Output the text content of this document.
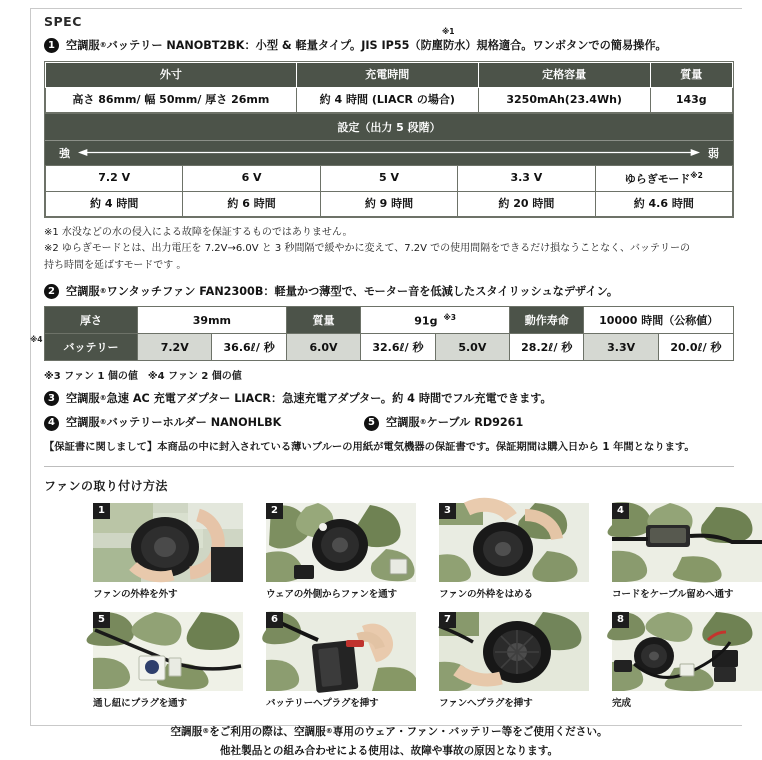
SPEC
1 空調服®バッテリー NANOBT2BK：小型 & 軽量タイプ。JIS IP55（防塵防水）規格適合。ワンボタンでの簡易操作。
※1
外寸	充電時間	定格容量	質量
高さ 86mm/ 幅 50mm/ 厚さ 26mm	約 4 時間 (LIACR の場合)	3250mAh(23.4Wh)	143g
設定（出力 5 段階）
強	弱
7.2 V	6 V	5 V	3.3 V	ゆらぎモード$^{※2}$
約 4 時間	約 6 時間	約 9 時間	約 20 時間	約 4.6 時間
※1 水没などの水の侵入による故障を保証するものではありません。
※2 ゆらぎモードとは、出力電圧を 7.2V→6.0V と 3 秒間隔で緩やかに変えて、7.2V での使用間隔をできるだけ損なうことなく、バッテリーの
持ち時間を延ばすモードです 。
2 空調服®ワンタッチファン FAN2300B：軽量かつ薄型で、モーター音を低減したスタイリッシュなデザイン。
※4
厚さ	39mm		質量	91g $^{※3}$		動作寿命	10000 時間（公称値）	
バッテリー	7.2V	36.6ℓ/ 秒	6.0V	32.6ℓ/ 秒	5.0V	28.2ℓ/ 秒	3.3V	20.0ℓ/ 秒
※3 ファン 1 個の値　※4 ファン 2 個の値
3 空調服®急速 AC 充電アダプター LIACR：急速充電アダプター。約 4 時間でフル充電できます。
4 空調服®バッテリーホルダー NANOHLBK	5 空調服®ケーブル RD9261
【保証書に関しまして】本商品の中に封入されている薄いブルーの用紙が電気機器の保証書です。保証期間は購入日から 1 年間となります。
ファンの取り付け方法
1
ファンの外枠を外す
2
ウェアの外側からファンを通す
3
ファンの外枠をはめる
4
コードをケーブル留めへ通す
5
通し紐にプラグを通す
6
バッテリーへプラグを挿す
7
ファンへプラグを挿す
8
完成
空調服®をご利用の際は、空調服®専用のウェア・ファン・バッテリー等をご使用ください。
他社製品との組み合わせによる使用は、故障や事故の原因となります。
